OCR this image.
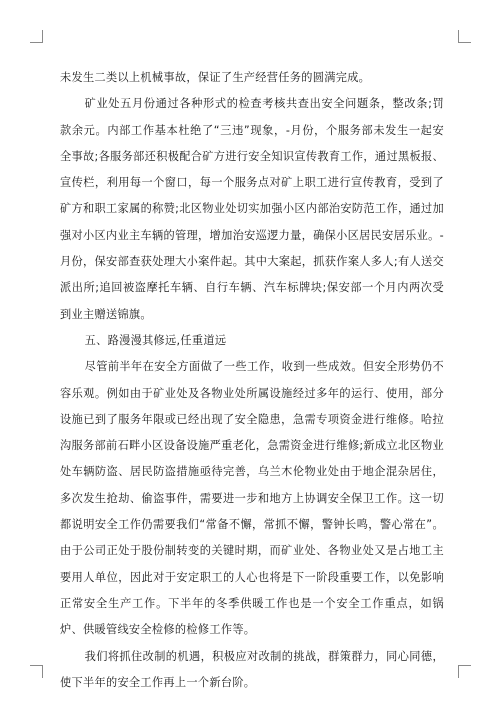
未发生二类以上机械事故，保证了生产经营任务的圆满完成。

矿业处五月份通过各种形式的检查考核共查出安全问题条，整改条;罚款余元。内部工作基本杜绝了“三违”现象，-月份，个服务部未发生一起安全事故;各服务部还积极配合矿方进行安全知识宣传教育工作，通过黑板报、宣传栏，利用每一个窗口，每一个服务点对矿上职工进行宣传教育，受到了矿方和职工家属的称赞;北区物业处切实加强小区内部治安防范工作，通过加强对小区内业主车辆的管理，增加治安巡逻力量，确保小区居民安居乐业。-月份，保安部查获处理大小案件起。其中大案起，抓获作案人多人;有人送交派出所;追回被盗摩托车辆、自行车辆、汽车标牌块;保安部一个月内两次受到业主赠送锦旗。

五、路漫漫其修远,任重道远

尽管前半年在安全方面做了一些工作，收到一些成效。但安全形势仍不容乐观。例如由于矿业处及各物业处所属设施经过多年的运行、使用，部分设施已到了服务年限或已经出现了安全隐患，急需专项资金进行维修。哈拉沟服务部前石畔小区设备设施严重老化，急需资金进行维修;新成立北区物业处车辆防盗、居民防盗措施亟待完善，乌兰木伦物业处由于地企混杂居住，多次发生抢劫、偷盗事件，需要进一步和地方上协调安全保卫工作。这一切都说明安全工作仍需要我们“常备不懈，常抓不懈，警钟长鸣，警心常在”。由于公司正处于股份制转变的关键时期，而矿业处、各物业处又是占地工主要用人单位，因此对于安定职工的人心也将是下一阶段重要工作，以免影响正常安全生产工作。下半年的冬季供暖工作也是一个安全工作重点，如锅炉、供暖管线安全检修的检修工作等。

我们将抓住改制的机遇，积极应对改制的挑战，群策群力，同心同德，使下半年的安全工作再上一个新台阶。
